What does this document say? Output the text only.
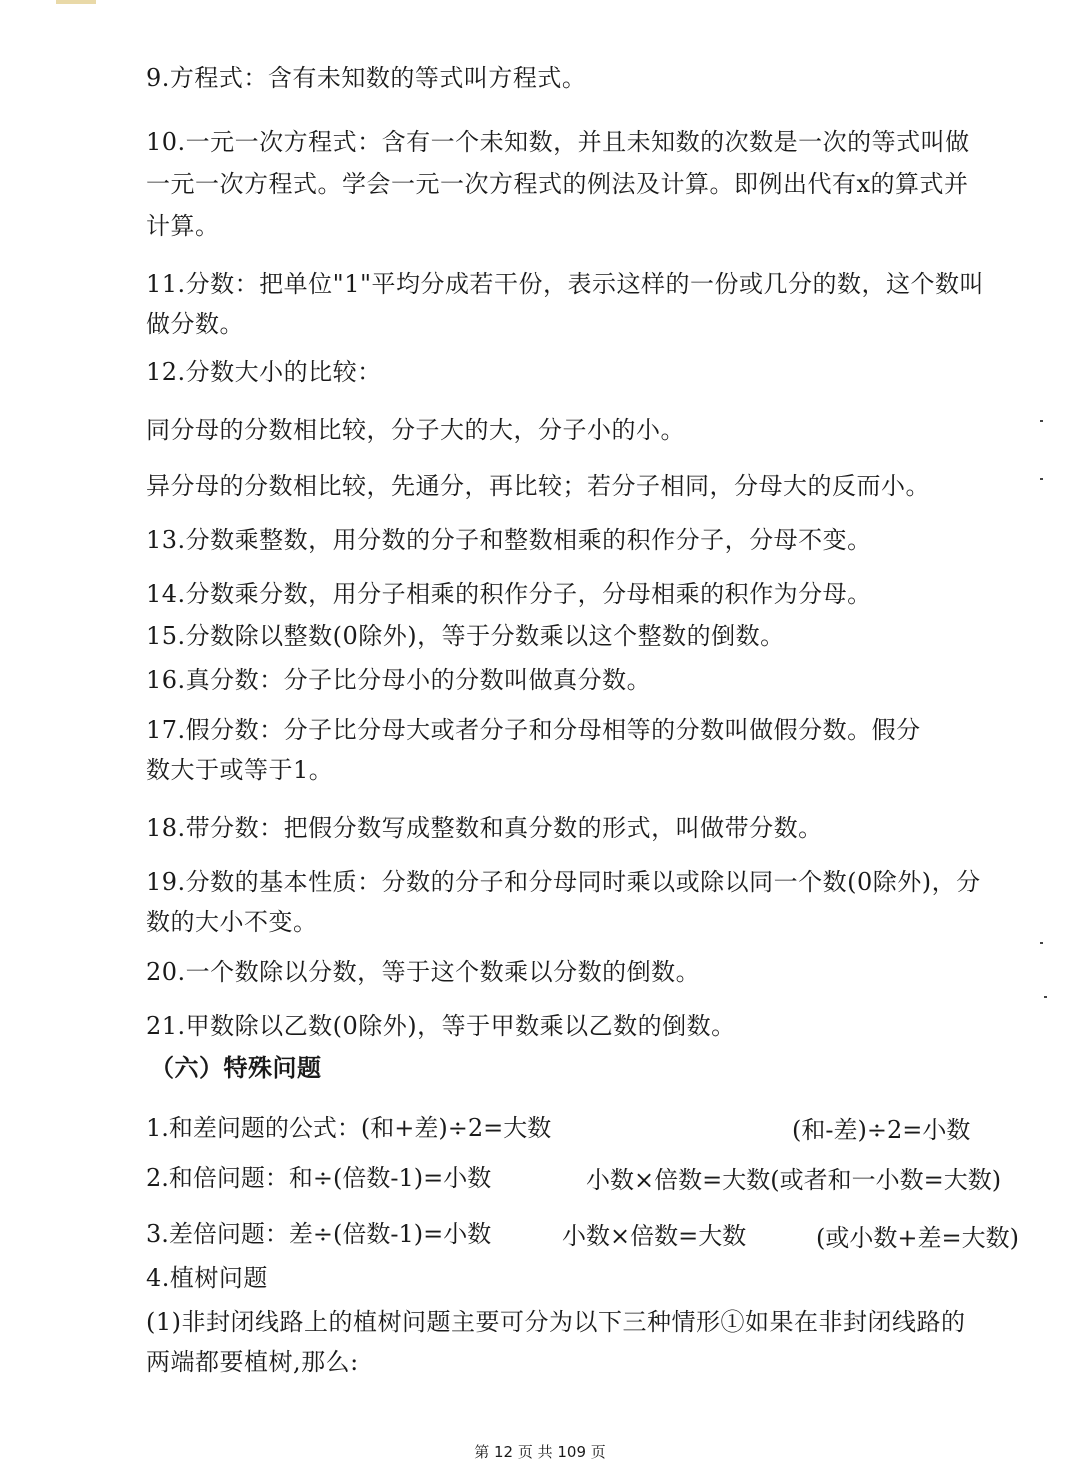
9.方程式：含有未知数的等式叫方程式。
10.一元一次方程式：含有一个未知数，并且未知数的次数是一次的等式叫做
一元一次方程式。学会一元一次方程式的例法及计算。即例出代有x的算式并
计算。
11.分数：把单位"1"平均分成若干份，表示这样的一份或几分的数，这个数叫
做分数。
12.分数大小的比较：
同分母的分数相比较，分子大的大，分子小的小。
异分母的分数相比较，先通分，再比较；若分子相同，分母大的反而小。
13.分数乘整数，用分数的分子和整数相乘的积作分子，分母不变。
14.分数乘分数，用分子相乘的积作分子，分母相乘的积作为分母。
15.分数除以整数(0除外)，等于分数乘以这个整数的倒数。
16.真分数：分子比分母小的分数叫做真分数。
17.假分数：分子比分母大或者分子和分母相等的分数叫做假分数。假分
数大于或等于1。
18.带分数：把假分数写成整数和真分数的形式，叫做带分数。
19.分数的基本性质：分数的分子和分母同时乘以或除以同一个数(0除外)，分
数的大小不变。
20.一个数除以分数，等于这个数乘以分数的倒数。
21.甲数除以乙数(0除外)，等于甲数乘以乙数的倒数。
（六）特殊问题
1.和差问题的公式：(和+差)÷2=大数	(和-差)÷2=小数
2.和倍问题：和÷(倍数-1)=小数	小数×倍数=大数(或者和一小数=大数)
3.差倍问题：差÷(倍数-1)=小数	小数×倍数=大数	(或小数+差=大数)
4.植树问题
(1)非封闭线路上的植树问题主要可分为以下三种情形①如果在非封闭线路的
两端都要植树,那么:
第 12 页 共 109 页
